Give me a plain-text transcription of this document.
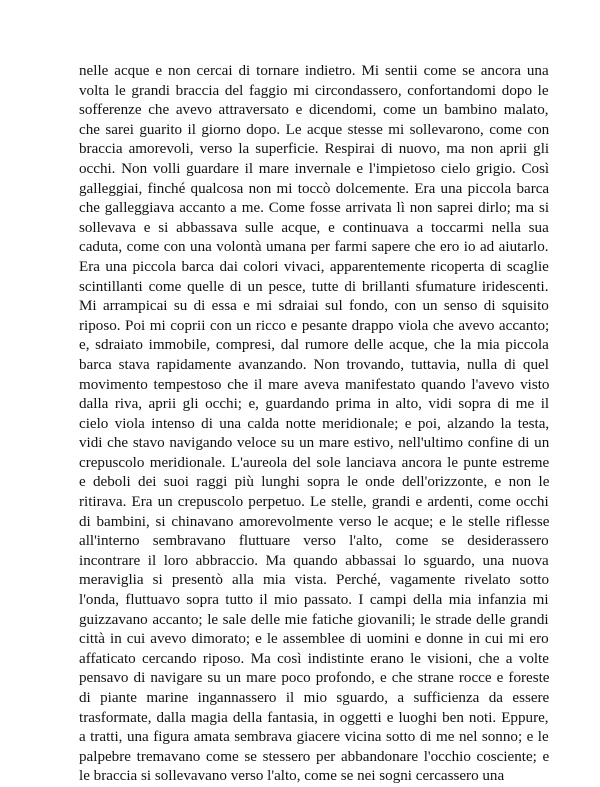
nelle acque e non cercai di tornare indietro. Mi sentii come se ancora una
volta le grandi braccia del faggio mi circondassero, confortandomi dopo le
sofferenze che avevo attraversato e dicendomi, come un bambino malato,
che sarei guarito il giorno dopo. Le acque stesse mi sollevarono, come con
braccia amorevoli, verso la superficie. Respirai di nuovo, ma non aprii gli
occhi. Non volli guardare il mare invernale e l'impietoso cielo grigio. Così
galleggiai, finché qualcosa non mi toccò dolcemente. Era una piccola barca
che galleggiava accanto a me. Come fosse arrivata lì non saprei dirlo; ma si
sollevava e si abbassava sulle acque, e continuava a toccarmi nella sua
caduta, come con una volontà umana per farmi sapere che ero io ad aiutarlo.
Era una piccola barca dai colori vivaci, apparentemente ricoperta di scaglie
scintillanti come quelle di un pesce, tutte di brillanti sfumature iridescenti.
Mi arrampicai su di essa e mi sdraiai sul fondo, con un senso di squisito
riposo. Poi mi coprii con un ricco e pesante drappo viola che avevo accanto;
e, sdraiato immobile, compresi, dal rumore delle acque, che la mia piccola
barca stava rapidamente avanzando. Non trovando, tuttavia, nulla di quel
movimento tempestoso che il mare aveva manifestato quando l'avevo visto
dalla riva, aprii gli occhi; e, guardando prima in alto, vidi sopra di me il
cielo viola intenso di una calda notte meridionale; e poi, alzando la testa,
vidi che stavo navigando veloce su un mare estivo, nell'ultimo confine di un
crepuscolo meridionale. L'aureola del sole lanciava ancora le punte estreme
e deboli dei suoi raggi più lunghi sopra le onde dell'orizzonte, e non le
ritirava. Era un crepuscolo perpetuo. Le stelle, grandi e ardenti, come occhi
di bambini, si chinavano amorevolmente verso le acque; e le stelle riflesse
all'interno sembravano fluttuare verso l'alto, come se desiderassero
incontrare il loro abbraccio. Ma quando abbassai lo sguardo, una nuova
meraviglia si presentò alla mia vista. Perché, vagamente rivelato sotto
l'onda, fluttuavo sopra tutto il mio passato. I campi della mia infanzia mi
guizzavano accanto; le sale delle mie fatiche giovanili; le strade delle grandi
città in cui avevo dimorato; e le assemblee di uomini e donne in cui mi ero
affaticato cercando riposo. Ma così indistinte erano le visioni, che a volte
pensavo di navigare su un mare poco profondo, e che strane rocce e foreste
di piante marine ingannassero il mio sguardo, a sufficienza da essere
trasformate, dalla magia della fantasia, in oggetti e luoghi ben noti. Eppure,
a tratti, una figura amata sembrava giacere vicina sotto di me nel sonno; e le
palpebre tremavano come se stessero per abbandonare l'occhio cosciente; e
le braccia si sollevavano verso l'alto, come se nei sogni cercassero una
